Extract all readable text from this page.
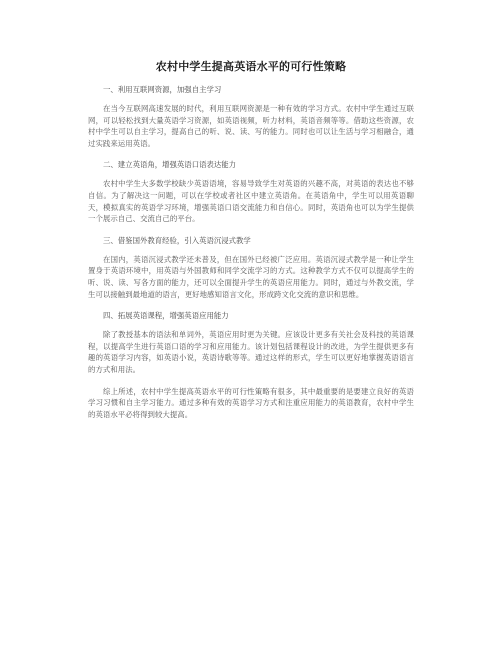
农村中学生提高英语水平的可行性策略

一、利用互联网资源，加强自主学习

在当今互联网高速发展的时代，利用互联网资源是一种有效的学习方式。农村中学生通过互联网，可以轻松找到大量英语学习资源，如英语视频，听力材料，英语音频等等。借助这些资源，农村中学生可以自主学习，提高自己的听、说、读、写的能力。同时也可以让生活与学习相融合，通过实践来运用英语。

二、建立英语角，增强英语口语表达能力

农村中学生大多数学校缺少英语语境，容易导致学生对英语的兴趣不高，对英语的表达也不够自信。为了解决这一问题，可以在学校或者社区中建立英语角。在英语角中，学生可以用英语聊天，模拟真实的英语学习环境，增强英语口语交流能力和自信心。同时，英语角也可以为学生提供一个展示自己、交流自己的平台。

三、借鉴国外教育经验，引入英语沉浸式教学

在国内，英语沉浸式教学还未普及，但在国外已经被广泛应用。英语沉浸式教学是一种让学生置身于英语环境中，用英语与外国教师和同学交流学习的方式。这种教学方式不仅可以提高学生的听、说、读、写各方面的能力，还可以全面提升学生的英语应用能力。同时，通过与外教交流，学生可以接触到最地道的语言，更好地感知语言文化，形成跨文化交流的意识和思维。

四、拓展英语课程，增强英语应用能力

除了教授基本的语法和单词外，英语应用时更为关键。应该设计更多有关社会及科技的英语课程，以提高学生进行英语口语的学习和应用能力。该计划包括课程设计的改进，为学生提供更多有趣的英语学习内容，如英语小说，英语诗歌等等。通过这样的形式，学生可以更好地掌握英语语言的方式和用法。

综上所述，农村中学生提高英语水平的可行性策略有很多，其中最重要的是要建立良好的英语学习习惯和自主学习能力。通过多种有效的英语学习方式和注重应用能力的英语教育，农村中学生的英语水平必将得到较大提高。
